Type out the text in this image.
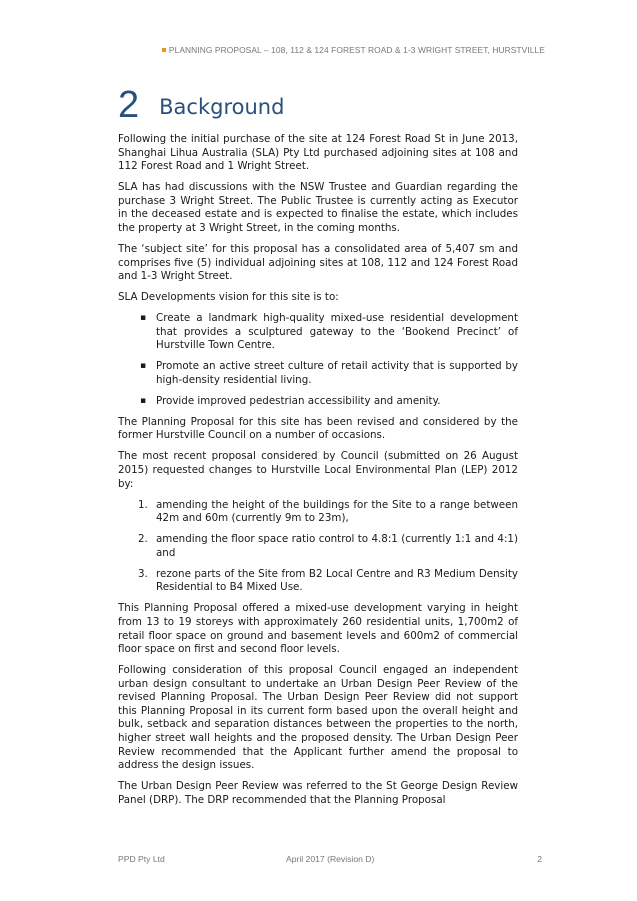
PLANNING PROPOSAL – 108, 112 & 124 FOREST ROAD & 1-3 WRIGHT STREET, HURSTVILLE
2 Background

Following the initial purchase of the site at 124 Forest Road St in June 2013, Shanghai Lihua Australia (SLA) Pty Ltd purchased adjoining sites at 108 and 112 Forest Road and 1 Wright Street.

SLA has had discussions with the NSW Trustee and Guardian regarding the purchase 3 Wright Street. The Public Trustee is currently acting as Executor in the deceased estate and is expected to finalise the estate, which includes the property at 3 Wright Street, in the coming months.

The ‘subject site’ for this proposal has a consolidated area of 5,407 sm and comprises five (5) individual adjoining sites at 108, 112 and 124 Forest Road and 1-3 Wright Street.

SLA Developments vision for this site is to:

▪ Create a landmark high-quality mixed-use residential development that provides a sculptured gateway to the ‘Bookend Precinct’ of Hurstville Town Centre.
▪ Promote an active street culture of retail activity that is supported by high-density residential living.
▪ Provide improved pedestrian accessibility and amenity.

The Planning Proposal for this site has been revised and considered by the former Hurstville Council on a number of occasions.

The most recent proposal considered by Council (submitted on 26 August 2015) requested changes to Hurstville Local Environmental Plan (LEP) 2012 by:

1. amending the height of the buildings for the Site to a range between 42m and 60m (currently 9m to 23m),
2. amending the floor space ratio control to 4.8:1 (currently 1:1 and 4:1) and
3. rezone parts of the Site from B2 Local Centre and R3 Medium Density Residential to B4 Mixed Use.

This Planning Proposal offered a mixed-use development varying in height from 13 to 19 storeys with approximately 260 residential units, 1,700m2 of retail floor space on ground and basement levels and 600m2 of commercial floor space on first and second floor levels.

Following consideration of this proposal Council engaged an independent urban design consultant to undertake an Urban Design Peer Review of the revised Planning Proposal. The Urban Design Peer Review did not support this Planning Proposal in its current form based upon the overall height and bulk, setback and separation distances between the properties to the north, higher street wall heights and the proposed density. The Urban Design Peer Review recommended that the Applicant further amend the proposal to address the design issues.

The Urban Design Peer Review was referred to the St George Design Review Panel (DRP). The DRP recommended that the Planning Proposal

PPD Pty Ltd	April 2017 (Revision D)	2
